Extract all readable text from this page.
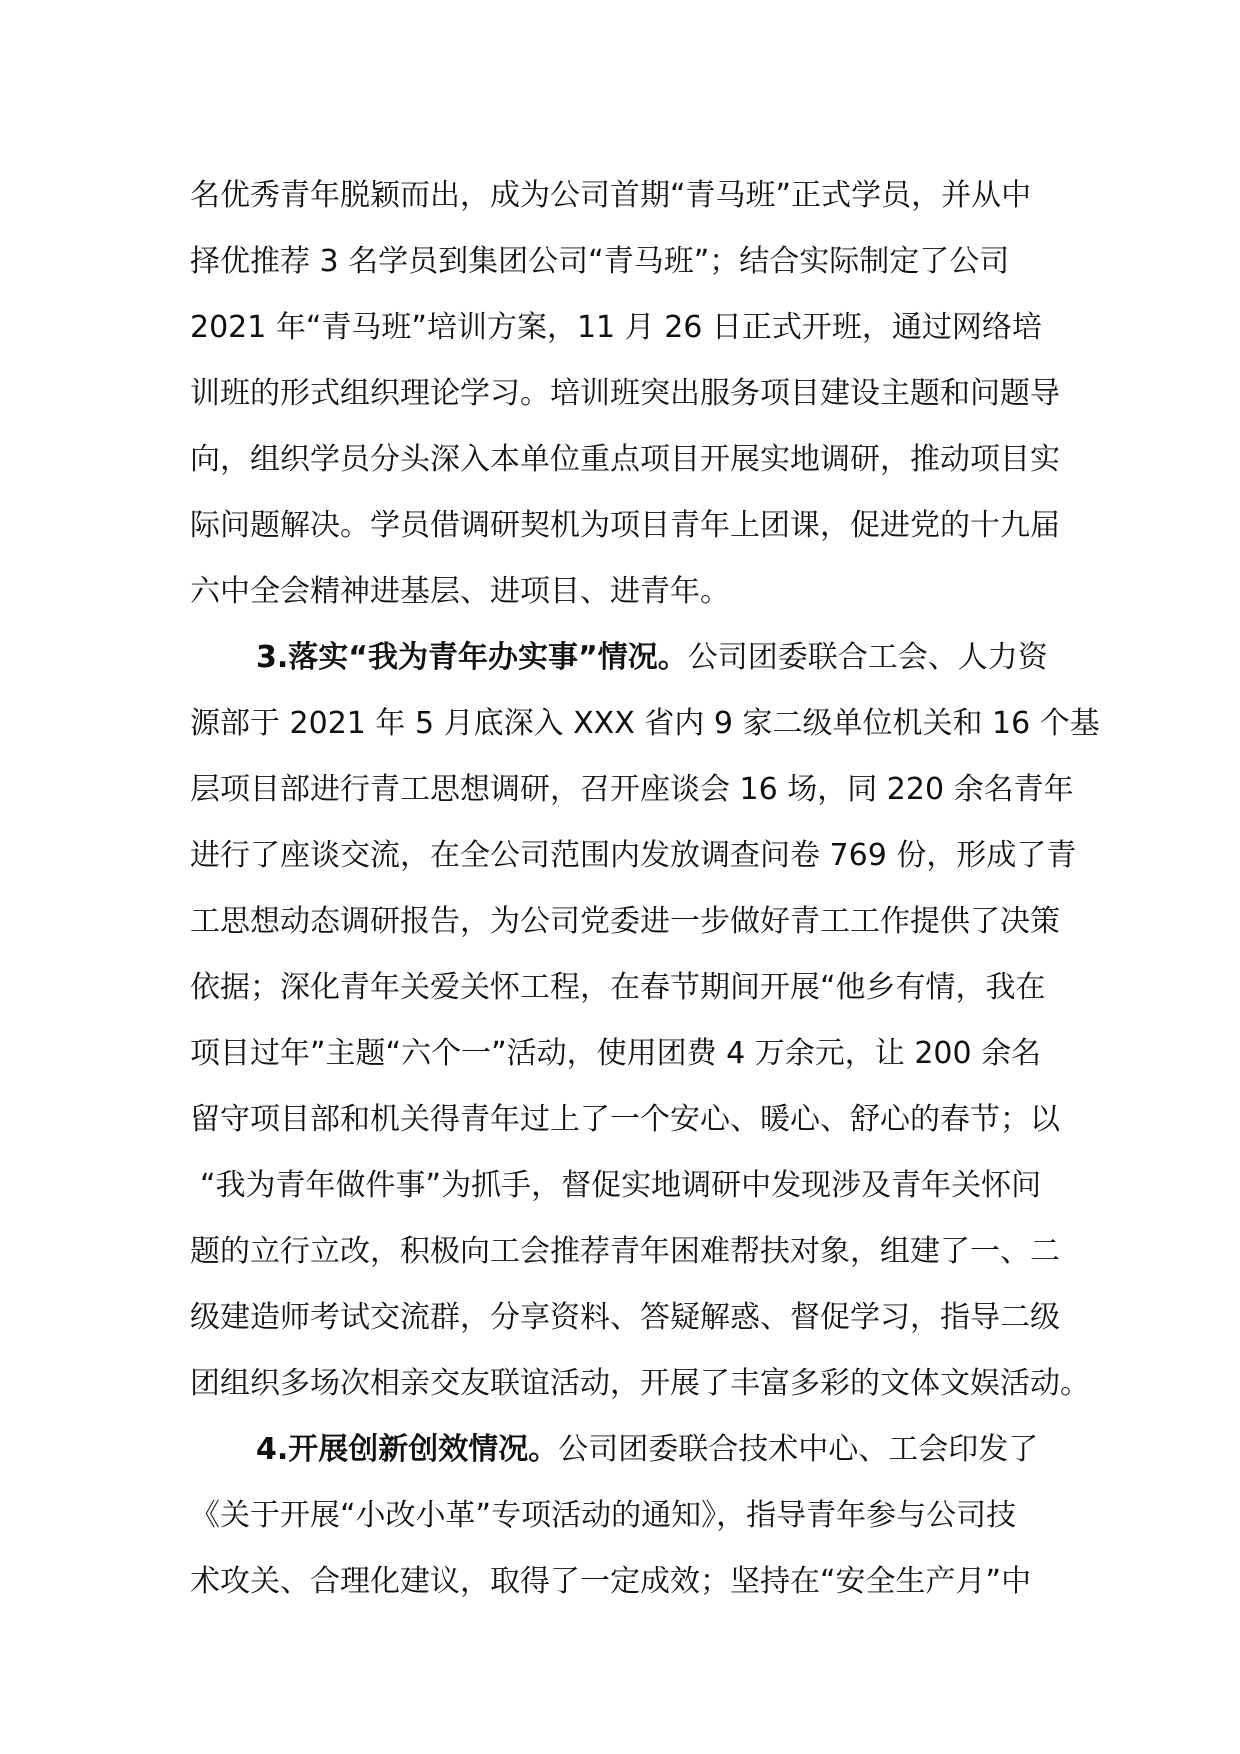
名优秀青年脱颖而出，成为公司首期“青马班”正式学员，并从中
择优推荐 3 名学员到集团公司“青马班”；结合实际制定了公司
2021 年“青马班”培训方案，11 月 26 日正式开班，通过网络培
训班的形式组织理论学习。培训班突出服务项目建设主题和问题导
向，组织学员分头深入本单位重点项目开展实地调研，推动项目实
际问题解决。学员借调研契机为项目青年上团课，促进党的十九届
六中全会精神进基层、进项目、进青年。
3.落实“我为青年办实事”情况。公司团委联合工会、人力资
源部于 2021 年 5 月底深入 XXX 省内 9 家二级单位机关和 16 个基
层项目部进行青工思想调研，召开座谈会 16 场，同 220 余名青年
进行了座谈交流，在全公司范围内发放调查问卷 769 份，形成了青
工思想动态调研报告，为公司党委进一步做好青工工作提供了决策
依据；深化青年关爱关怀工程，在春节期间开展“他乡有情，我在
项目过年”主题“六个一”活动，使用团费 4 万余元，让 200 余名
留守项目部和机关得青年过上了一个安心、暖心、舒心的春节；以
“我为青年做件事”为抓手，督促实地调研中发现涉及青年关怀问
题的立行立改，积极向工会推荐青年困难帮扶对象，组建了一、二
级建造师考试交流群，分享资料、答疑解惑、督促学习，指导二级
团组织多场次相亲交友联谊活动，开展了丰富多彩的文体文娱活动。
4.开展创新创效情况。公司团委联合技术中心、工会印发了
《关于开展“小改小革”专项活动的通知》，指导青年参与公司技
术攻关、合理化建议，取得了一定成效；坚持在“安全生产月”中
